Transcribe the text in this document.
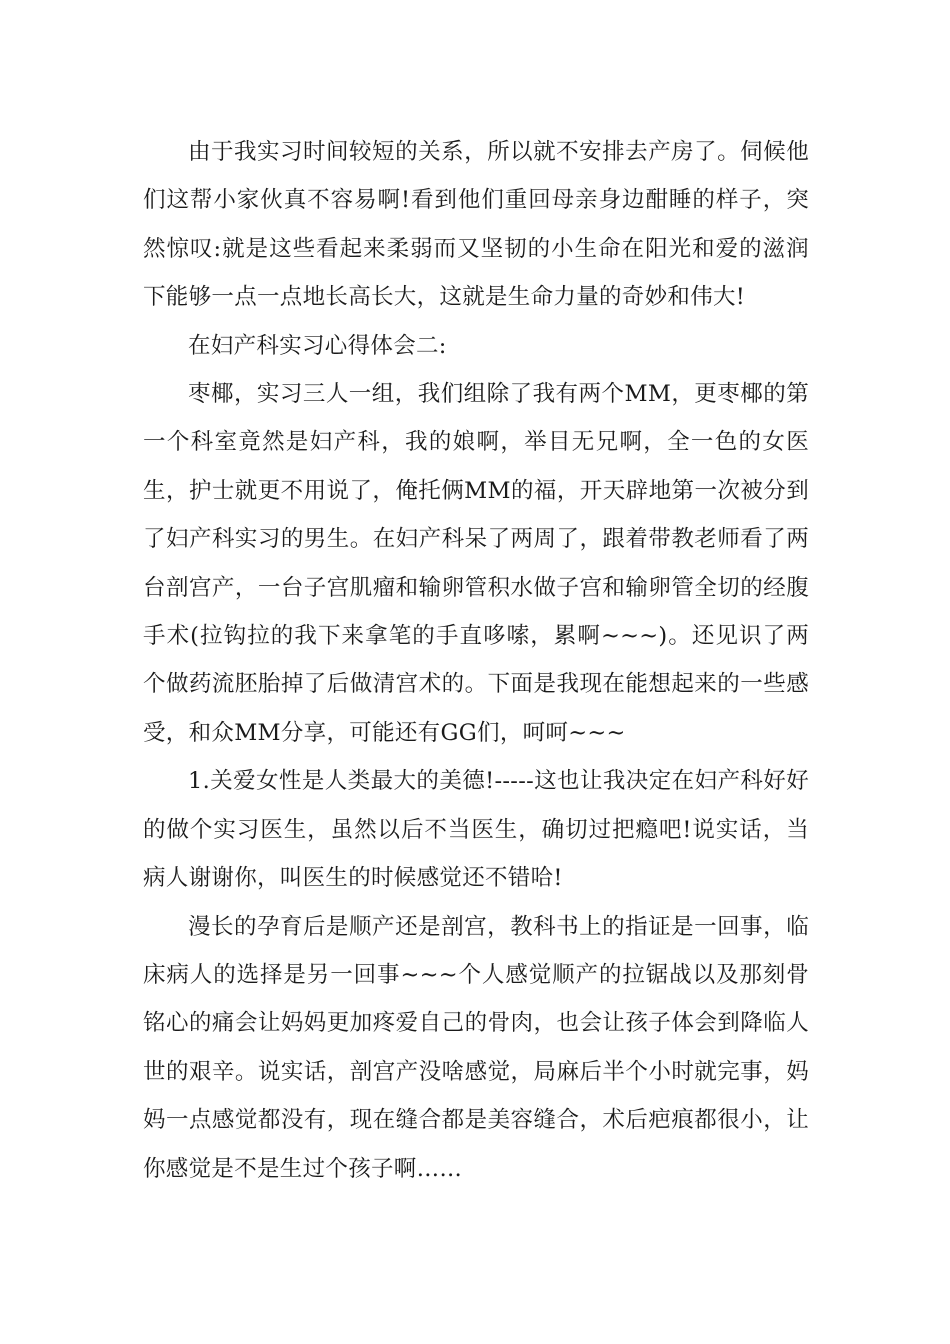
由于我实习时间较短的关系，所以就不安排去产房了。伺候他们这帮小家伙真不容易啊!看到他们重回母亲身边酣睡的样子，突然惊叹:就是这些看起来柔弱而又坚韧的小生命在阳光和爱的滋润下能够一点一点地长高长大，这就是生命力量的奇妙和伟大!

在妇产科实习心得体会二:

枣椰，实习三人一组，我们组除了我有两个MM，更枣椰的第一个科室竟然是妇产科，我的娘啊，举目无兄啊，全一色的女医生，护士就更不用说了，俺托俩MM的福，开天辟地第一次被分到了妇产科实习的男生。在妇产科呆了两周了，跟着带教老师看了两台剖宫产，一台子宫肌瘤和输卵管积水做子宫和输卵管全切的经腹手术(拉钩拉的我下来拿笔的手直哆嗦，累啊~~~)。还见识了两个做药流胚胎掉了后做清宫术的。下面是我现在能想起来的一些感受，和众MM分享，可能还有GG们，呵呵~~~

1.关爱女性是人类最大的美德!-----这也让我决定在妇产科好好的做个实习医生，虽然以后不当医生，确切过把瘾吧!说实话，当病人谢谢你，叫医生的时候感觉还不错哈!

漫长的孕育后是顺产还是剖宫，教科书上的指证是一回事，临床病人的选择是另一回事~~~个人感觉顺产的拉锯战以及那刻骨铭心的痛会让妈妈更加疼爱自己的骨肉，也会让孩子体会到降临人世的艰辛。说实话，剖宫产没啥感觉，局麻后半个小时就完事，妈妈一点感觉都没有，现在缝合都是美容缝合，术后疤痕都很小，让你感觉是不是生过个孩子啊……
